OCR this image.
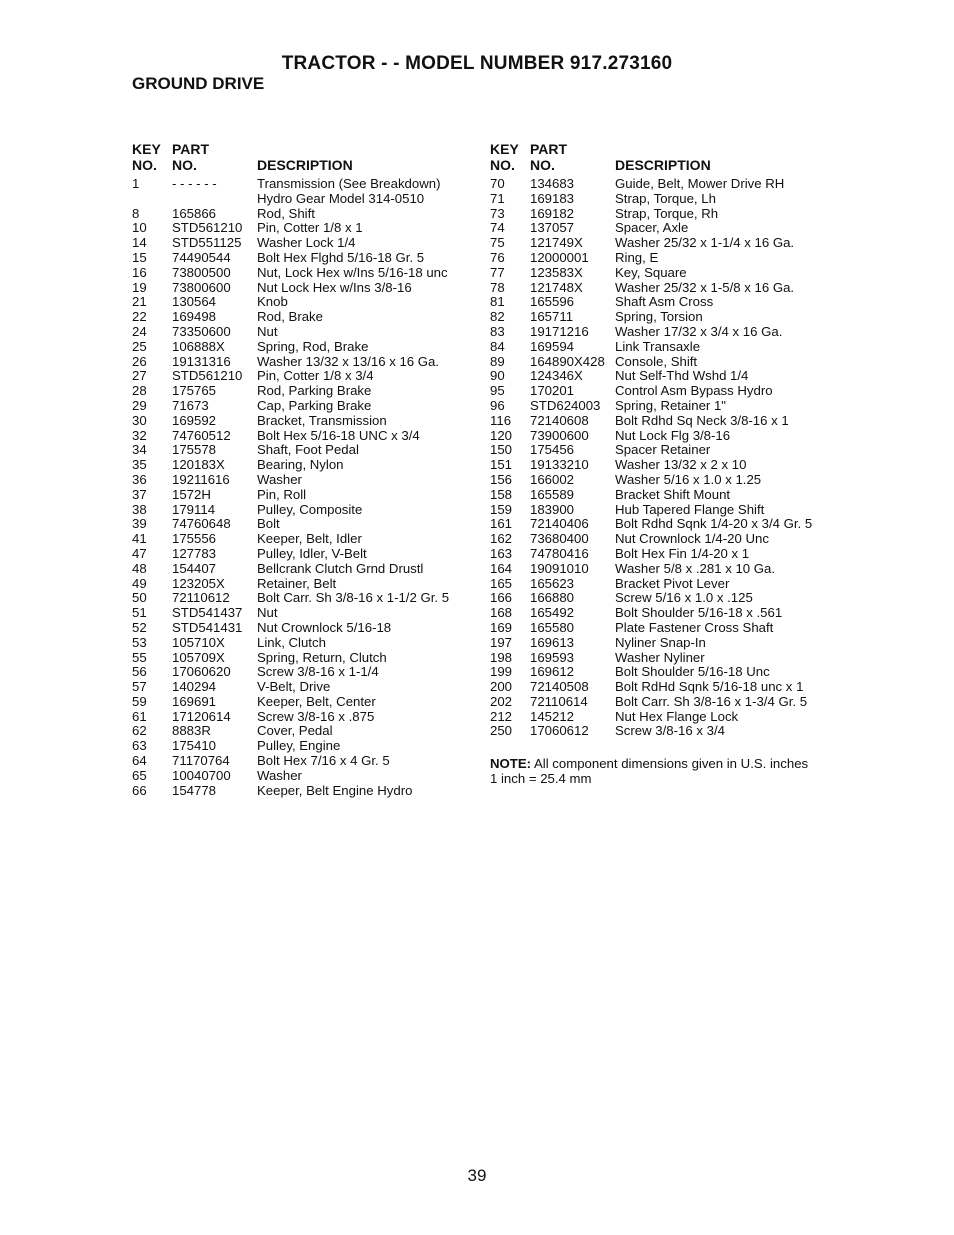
TRACTOR - - MODEL NUMBER 917.273160
GROUND DRIVE
KEY PART
NO. NO.	DESCRIPTION
1 - - - - - -	Transmission (See Breakdown)
Hydro Gear Model 314-0510
8 165866	Rod, Shift
10 STD561210 Pin, Cotter 1/8 x 1
14 STD551125 Washer Lock 1/4
15 74490544 Bolt Hex Flghd 5/16-18 Gr. 5
16 73800500 Nut, Lock Hex w/Ins 5/16-18 unc
19 73800600 Nut Lock Hex w/Ins 3/8-16
21 130564	Knob
22 169498	Rod, Brake
24 73350600 Nut
25 106888X Spring, Rod, Brake
26 19131316 Washer 13/32 x 13/16 x 16 Ga.
27 STD561210 Pin, Cotter 1/8 x 3/4
28 175765	Rod, Parking Brake
29 71673	Cap, Parking Brake
30 169592	Bracket, Transmission
32 74760512 Bolt Hex 5/16-18 UNC x 3/4
34 175578	Shaft, Foot Pedal
35 120183X Bearing, Nylon
36 19211616 Washer
37 1572H	Pin, Roll
38 179114	Pulley, Composite
39 74760648 Bolt
41 175556	Keeper, Belt, Idler
47 127783	Pulley, Idler, V-Belt
48 154407	Bellcrank Clutch Grnd Drustl
49 123205X Retainer, Belt
50 72110612 Bolt Carr. Sh 3/8-16 x 1-1/2 Gr. 5
51 STD541437 Nut
52 STD541431 Nut Crownlock 5/16-18
53 105710X Link, Clutch
55 105709X Spring, Return, Clutch
56 17060620 Screw 3/8-16 x 1-1/4
57 140294	V-Belt, Drive
59 169691	Keeper, Belt, Center
61 17120614 Screw 3/8-16 x .875
62 8883R	Cover, Pedal
63 175410	Pulley, Engine
64 71170764 Bolt Hex 7/16 x 4 Gr. 5
65 10040700 Washer
66 154778	Keeper, Belt Engine Hydro
KEY PART
NO. NO.	DESCRIPTION
70 134683	Guide, Belt, Mower Drive RH
71 169183	Strap, Torque, Lh
73 169182	Strap, Torque, Rh
74 137057	Spacer, Axle
75 121749X Washer 25/32 x 1-1/4 x 16 Ga.
76 12000001 Ring, E
77 123583X Key, Square
78 121748X Washer 25/32 x 1-5/8 x 16 Ga.
81 165596	Shaft Asm Cross
82 165711	Spring, Torsion
83 19171216 Washer 17/32 x 3/4 x 16 Ga.
84 169594	Link Transaxle
89 164890X428 Console, Shift
90 124346X Nut Self-Thd Wshd 1/4
95 170201	Control Asm Bypass Hydro
96 STD624003 Spring, Retainer 1"
116 72140608 Bolt Rdhd Sq Neck 3/8-16 x 1
120 73900600 Nut Lock Flg 3/8-16
150 175456	Spacer Retainer
151 19133210 Washer 13/32 x 2 x 10
156 166002	Washer 5/16 x 1.0 x 1.25
158 165589	Bracket Shift Mount
159 183900	Hub Tapered Flange Shift
161 72140406 Bolt Rdhd Sqnk 1/4-20 x 3/4 Gr. 5
162 73680400 Nut Crownlock 1/4-20 Unc
163 74780416 Bolt Hex Fin 1/4-20 x 1
164 19091010 Washer 5/8 x .281 x 10 Ga.
165 165623	Bracket Pivot Lever
166 166880	Screw 5/16 x 1.0 x .125
168 165492	Bolt Shoulder 5/16-18 x .561
169 165580	Plate Fastener Cross Shaft
197 169613	Nyliner Snap-In
198 169593	Washer Nyliner
199 169612	Bolt Shoulder 5/16-18 Unc
200 72140508 Bolt RdHd Sqnk 5/16-18 unc x 1
202 72110614 Bolt Carr. Sh 3/8-16 x 1-3/4 Gr. 5
212 145212	Nut Hex Flange Lock
250 17060612 Screw 3/8-16 x 3/4
NOTE: All component dimensions given in U.S. inches
1 inch = 25.4 mm
39
